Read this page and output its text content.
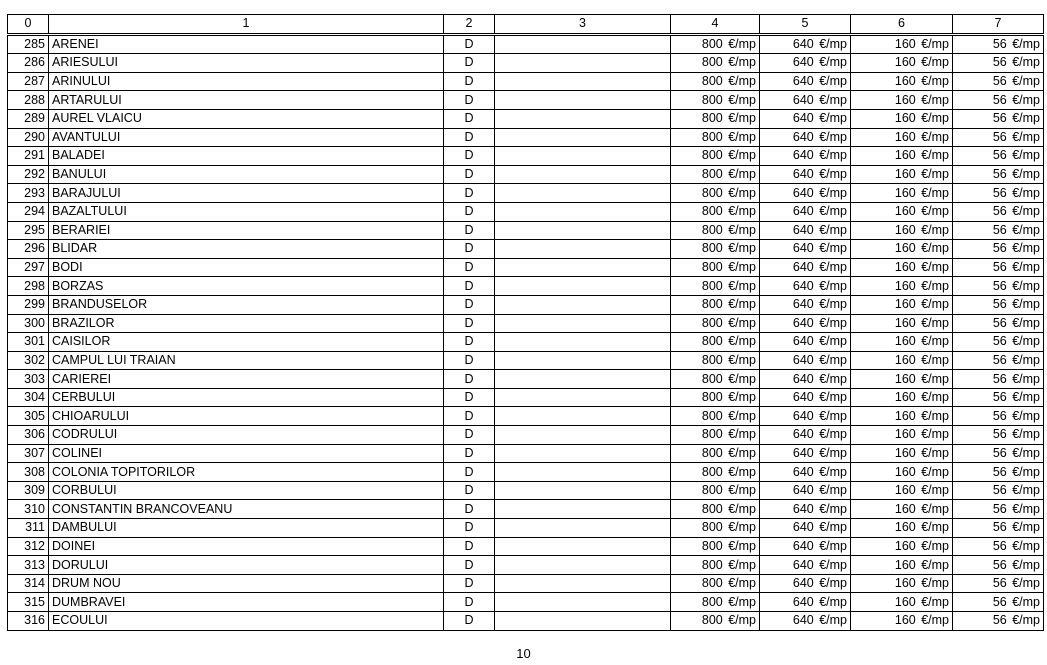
0	1	2	3	4	5	6	7
285	ARENEI	D		800 €/mp	640 €/mp	160 €/mp	56 €/mp
286	ARIESULUI	D		800 €/mp	640 €/mp	160 €/mp	56 €/mp
287	ARINULUI	D		800 €/mp	640 €/mp	160 €/mp	56 €/mp
288	ARTARULUI	D		800 €/mp	640 €/mp	160 €/mp	56 €/mp
289	AUREL VLAICU	D		800 €/mp	640 €/mp	160 €/mp	56 €/mp
290	AVANTULUI	D		800 €/mp	640 €/mp	160 €/mp	56 €/mp
291	BALADEI	D		800 €/mp	640 €/mp	160 €/mp	56 €/mp
292	BANULUI	D		800 €/mp	640 €/mp	160 €/mp	56 €/mp
293	BARAJULUI	D		800 €/mp	640 €/mp	160 €/mp	56 €/mp
294	BAZALTULUI	D		800 €/mp	640 €/mp	160 €/mp	56 €/mp
295	BERARIEI	D		800 €/mp	640 €/mp	160 €/mp	56 €/mp
296	BLIDAR	D		800 €/mp	640 €/mp	160 €/mp	56 €/mp
297	BODI	D		800 €/mp	640 €/mp	160 €/mp	56 €/mp
298	BORZAS	D		800 €/mp	640 €/mp	160 €/mp	56 €/mp
299	BRANDUSELOR	D		800 €/mp	640 €/mp	160 €/mp	56 €/mp
300	BRAZILOR	D		800 €/mp	640 €/mp	160 €/mp	56 €/mp
301	CAISILOR	D		800 €/mp	640 €/mp	160 €/mp	56 €/mp
302	CAMPUL LUI TRAIAN	D		800 €/mp	640 €/mp	160 €/mp	56 €/mp
303	CARIEREI	D		800 €/mp	640 €/mp	160 €/mp	56 €/mp
304	CERBULUI	D		800 €/mp	640 €/mp	160 €/mp	56 €/mp
305	CHIOARULUI	D		800 €/mp	640 €/mp	160 €/mp	56 €/mp
306	CODRULUI	D		800 €/mp	640 €/mp	160 €/mp	56 €/mp
307	COLINEI	D		800 €/mp	640 €/mp	160 €/mp	56 €/mp
308	COLONIA TOPITORILOR	D		800 €/mp	640 €/mp	160 €/mp	56 €/mp
309	CORBULUI	D		800 €/mp	640 €/mp	160 €/mp	56 €/mp
310	CONSTANTIN BRANCOVEANU	D		800 €/mp	640 €/mp	160 €/mp	56 €/mp
311	DAMBULUI	D		800 €/mp	640 €/mp	160 €/mp	56 €/mp
312	DOINEI	D		800 €/mp	640 €/mp	160 €/mp	56 €/mp
313	DORULUI	D		800 €/mp	640 €/mp	160 €/mp	56 €/mp
314	DRUM NOU	D		800 €/mp	640 €/mp	160 €/mp	56 €/mp
315	DUMBRAVEI	D		800 €/mp	640 €/mp	160 €/mp	56 €/mp
316	ECOULUI	D		800 €/mp	640 €/mp	160 €/mp	56 €/mp
10
